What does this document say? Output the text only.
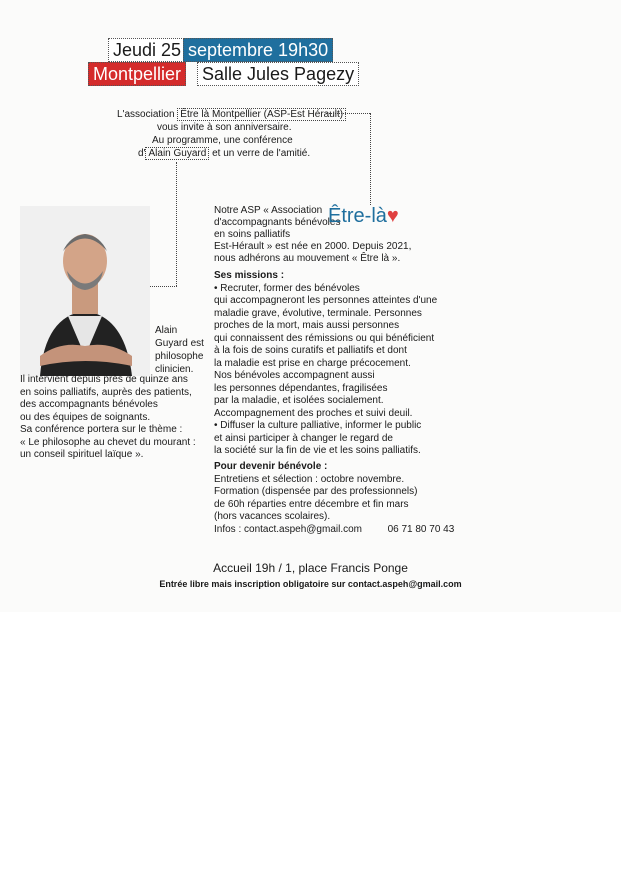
Jeudi 25 septembre 19h30
Montpellier Salle Jules Pagezy
L'association Être là Montpellier (ASP-Est Hérault)
vous invite à son anniversaire.
Au programme, une conférence
d' Alain Guyard et un verre de l'amitié.
Alain
Guyard est
philosophe
clinicien.
Il intervient depuis près de quinze ans
en soins palliatifs, auprès des patients,
des accompagnants bénévoles
ou des équipes de soignants.
Sa conférence portera sur le thème :
« Le philosophe au chevet du mourant :
un conseil spirituel laïque ».
Notre ASP « Association
d'accompagnants bénévoles
en soins palliatifs
Est-Hérault » est née en 2000. Depuis 2021,
nous adhérons au mouvement « Être là ».
Être-là♥
Ses missions :
• Recruter, former des bénévoles
qui accompagneront les personnes atteintes d'une
maladie grave, évolutive, terminale. Personnes
proches de la mort, mais aussi personnes
qui connaissent des rémissions ou qui bénéficient
à la fois de soins curatifs et palliatifs et dont
la maladie est prise en charge précocement.
Nos bénévoles accompagnent aussi
les personnes dépendantes, fragilisées
par la maladie, et isolées socialement.
Accompagnement des proches et suivi deuil.
• Diffuser la culture palliative, informer le public
et ainsi participer à changer le regard de
la société sur la fin de vie et les soins palliatifs.
Pour devenir bénévole :
Entretiens et sélection : octobre novembre.
Formation (dispensée par des professionnels)
de 60h réparties entre décembre et fin mars
(hors vacances scolaires).
Infos : contact.aspeh@gmail.com	06 71 80 70 43
Accueil 19h / 1, place Francis Ponge
Entrée libre mais inscription obligatoire sur contact.aspeh@gmail.com
